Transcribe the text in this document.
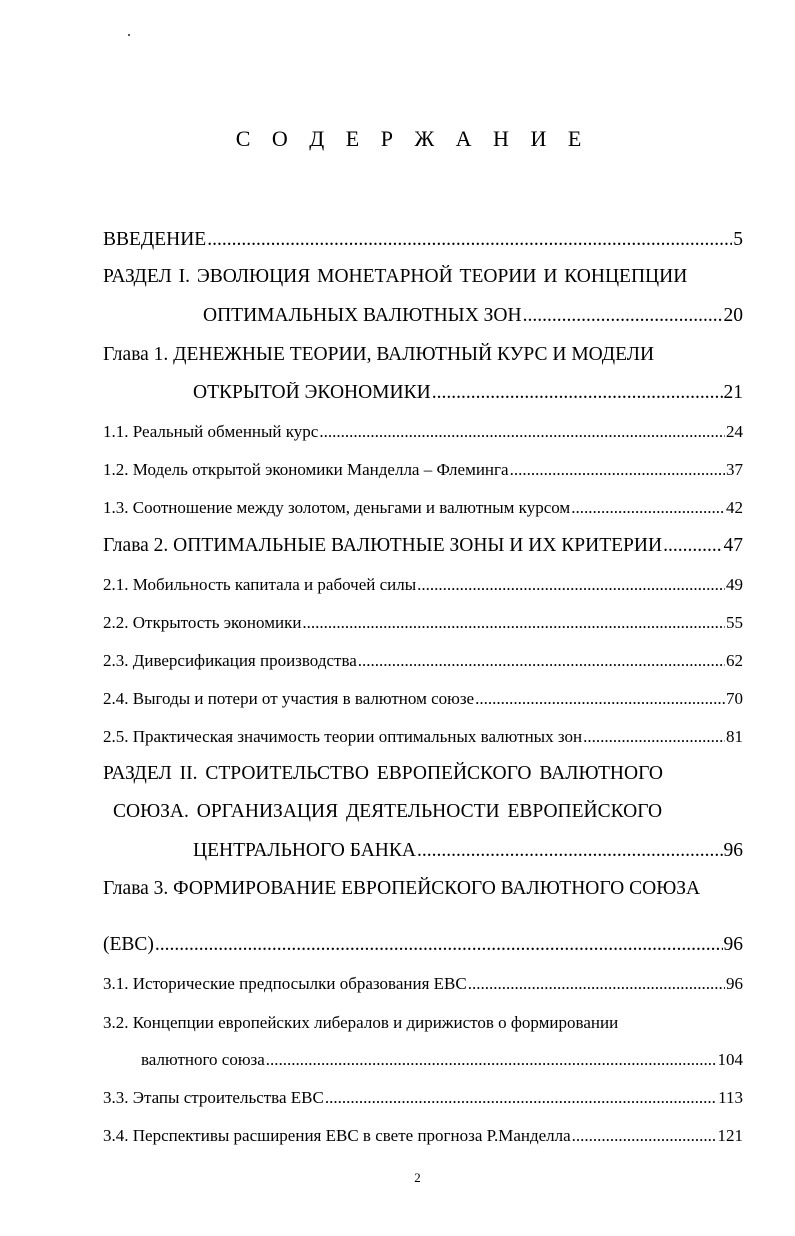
С О Д Е Р Ж А Н И Е
ВВЕДЕНИЕ .....	5
РАЗДЕЛ I. ЭВОЛЮЦИЯ МОНЕТАРНОЙ ТЕОРИИ И КОНЦЕПЦИИ
ОПТИМАЛЬНЫХ ВАЛЮТНЫХ ЗОН .....	20
Глава 1. ДЕНЕЖНЫЕ ТЕОРИИ, ВАЛЮТНЫЙ КУРС И МОДЕЛИ
ОТКРЫТОЙ ЭКОНОМИКИ .....	21
1.1. Реальный обменный курс .....	24
1.2. Модель открытой экономики Манделла – Флеминга .....	37
1.3. Соотношение между золотом, деньгами и валютным курсом .....	42
Глава 2. ОПТИМАЛЬНЫЕ ВАЛЮТНЫЕ ЗОНЫ И ИХ КРИТЕРИИ .....	47
2.1. Мобильность капитала и рабочей силы .....	49
2.2. Открытость экономики .....	55
2.3. Диверсификация производства .....	62
2.4. Выгоды и потери от участия в валютном союзе .....	70
2.5. Практическая значимость теории оптимальных валютных зон .....	81
РАЗДЕЛ II. СТРОИТЕЛЬСТВО ЕВРОПЕЙСКОГО ВАЛЮТНОГО
СОЮЗА. ОРГАНИЗАЦИЯ ДЕЯТЕЛЬНОСТИ ЕВРОПЕЙСКОГО
ЦЕНТРАЛЬНОГО БАНКА .....	96
Глава 3. ФОРМИРОВАНИЕ ЕВРОПЕЙСКОГО ВАЛЮТНОГО СОЮЗА
(ЕВС) .....	96
3.1. Исторические предпосылки образования ЕВС .....	96
3.2. Концепции европейских либералов и дирижистов о формировании
валютного союза .....	104
3.3. Этапы строительства ЕВС .....	113
3.4. Перспективы расширения ЕВС в свете прогноза Р.Манделла .....	121
2
